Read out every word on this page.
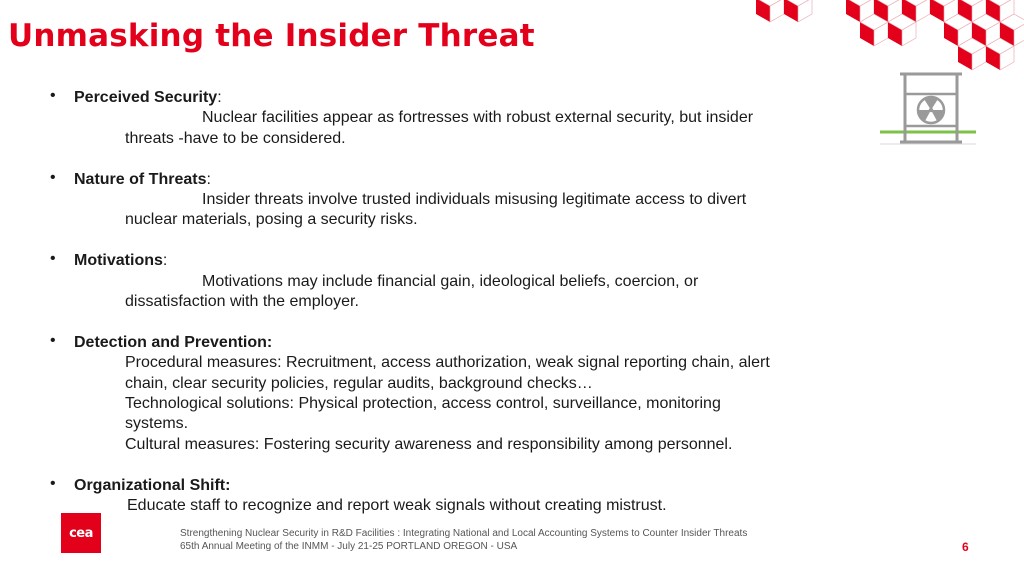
Unmasking the Insider Threat
• Perceived Security:
Nuclear facilities appear as fortresses with robust external security, but insider
threats -have to be considered.
• Nature of Threats:
Insider threats involve trusted individuals misusing legitimate access to divert
nuclear materials, posing a security risks.
• Motivations:
Motivations may include financial gain, ideological beliefs, coercion, or
dissatisfaction with the employer.
• Detection and Prevention:
Procedural measures: Recruitment, access authorization, weak signal reporting chain, alert
chain, clear security policies, regular audits, background checks…
Technological solutions: Physical protection, access control, surveillance, monitoring
systems.
Cultural measures: Fostering security awareness and responsibility among personnel.
• Organizational Shift:
Educate staff to recognize and report weak signals without creating mistrust.
cea	Strengthening Nuclear Security in R&D Facilities : Integrating National and Local Accounting Systems to Counter Insider Threats
65th Annual Meeting of the INMM - July 21-25 PORTLAND OREGON - USA	6
